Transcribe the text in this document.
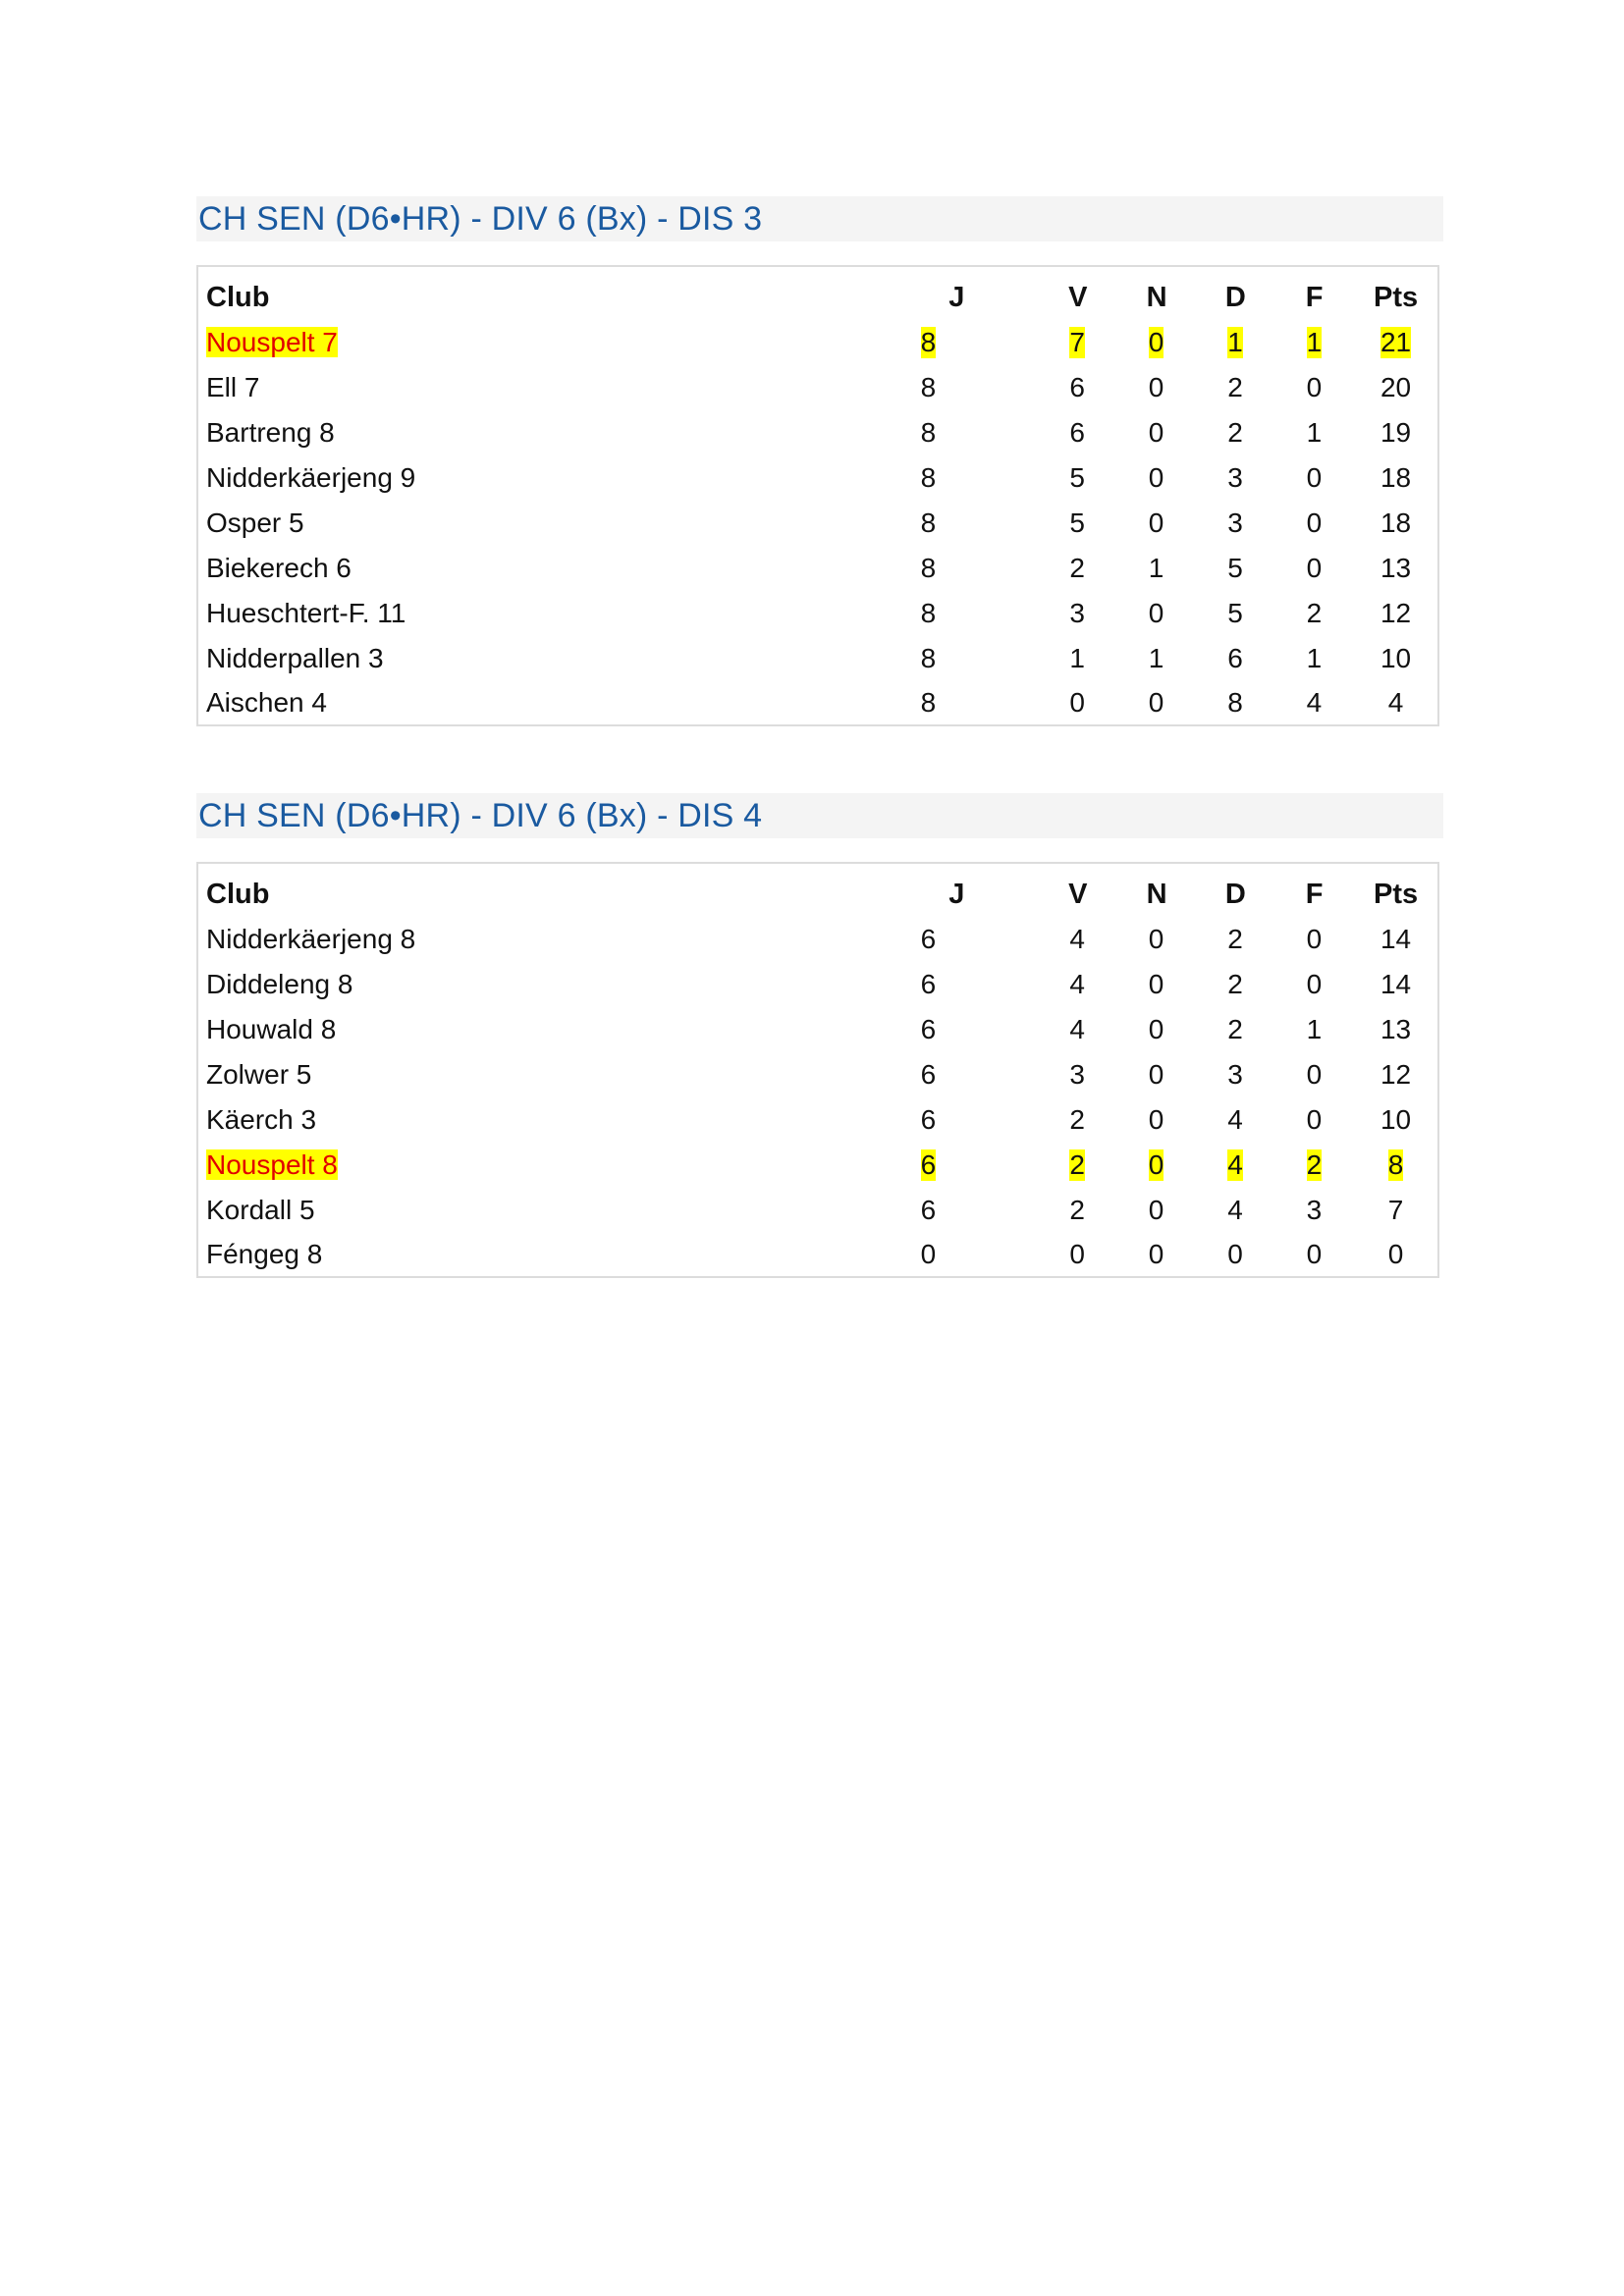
CH SEN (D6•HR) - DIV 6 (Bx) - DIS 3
Club	J	V	N	D	F	Pts
Nouspelt 7	8	7	0	1	1	21
Ell 7	8	6	0	2	0	20
Bartreng 8	8	6	0	2	1	19
Nidderkäerjeng 9	8	5	0	3	0	18
Osper 5	8	5	0	3	0	18
Biekerech 6	8	2	1	5	0	13
Hueschtert-F. 11	8	3	0	5	2	12
Nidderpallen 3	8	1	1	6	1	10
Aischen 4	8	0	0	8	4	4
CH SEN (D6•HR) - DIV 6 (Bx) - DIS 4
Club	J	V	N	D	F	Pts
Nidderkäerjeng 8	6	4	0	2	0	14
Diddeleng 8	6	4	0	2	0	14
Houwald 8	6	4	0	2	1	13
Zolwer 5	6	3	0	3	0	12
Käerch 3	6	2	0	4	0	10
Nouspelt 8	6	2	0	4	2	8
Kordall 5	6	2	0	4	3	7
Féngeg 8	0	0	0	0	0	0
